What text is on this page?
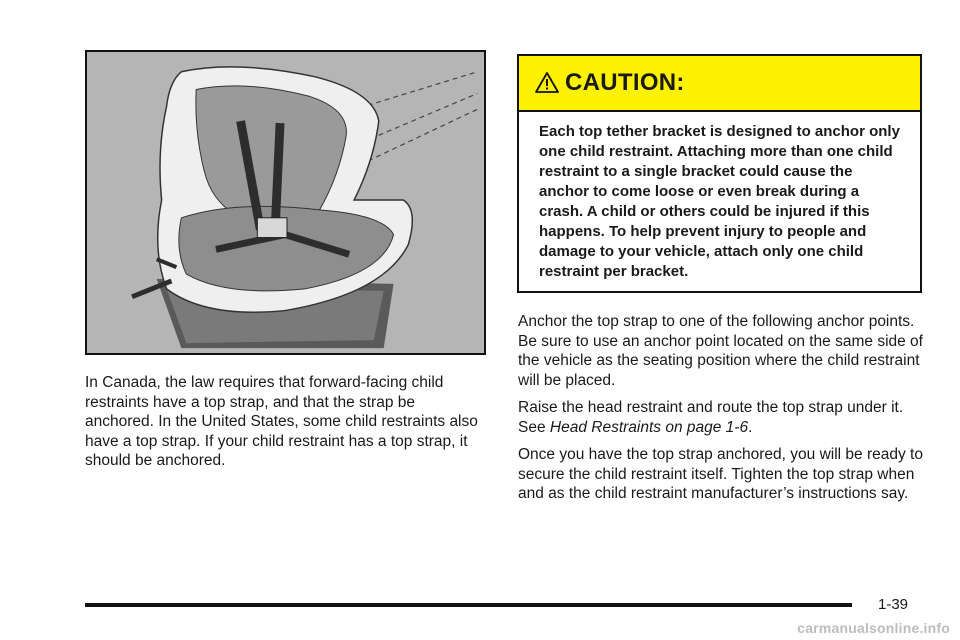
In Canada, the law requires that forward-facing child restraints have a top strap, and that the strap be anchored. In the United States, some child restraints also have a top strap. If your child restraint has a top strap, it should be anchored.

CAUTION:
Each top tether bracket is designed to anchor only one child restraint. Attaching more than one child restraint to a single bracket could cause the anchor to come loose or even break during a crash. A child or others could be injured if this happens. To help prevent injury to people and damage to your vehicle, attach only one child restraint per bracket.

Anchor the top strap to one of the following anchor points. Be sure to use an anchor point located on the same side of the vehicle as the seating position where the child restraint will be placed.

Raise the head restraint and route the top strap under it. See Head Restraints on page 1-6.

Once you have the top strap anchored, you will be ready to secure the child restraint itself. Tighten the top strap when and as the child restraint manufacturer’s instructions say.

1-39
carmanualsonline.info
